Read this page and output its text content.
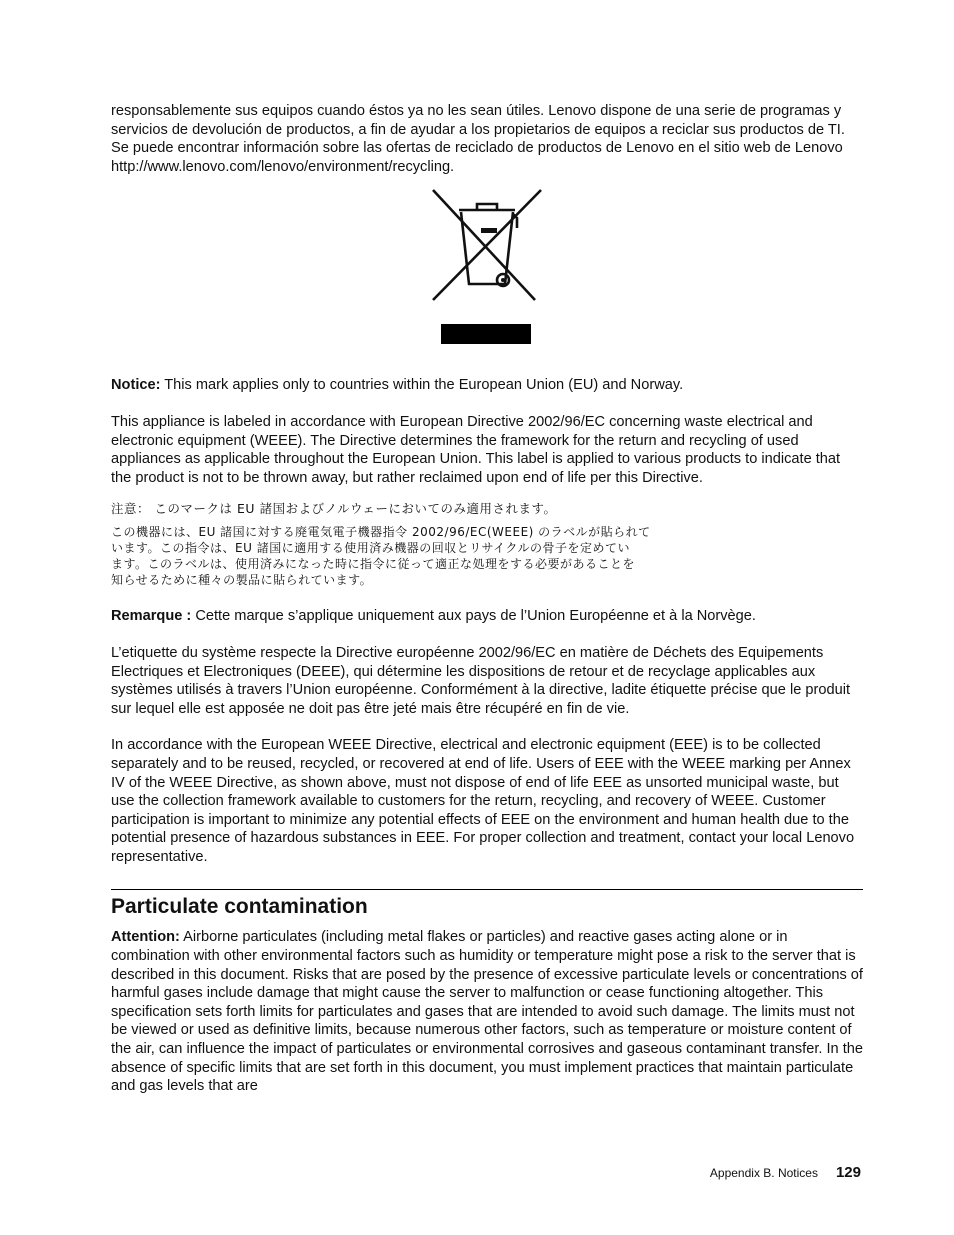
responsablemente sus equipos cuando éstos ya no les sean útiles. Lenovo dispone de una serie de programas y servicios de devolución de productos, a fin de ayudar a los propietarios de equipos a reciclar sus productos de TI. Se puede encontrar información sobre las ofertas de reciclado de productos de Lenovo en el sitio web de Lenovo
http://www.lenovo.com/lenovo/environment/recycling.

Notice: This mark applies only to countries within the European Union (EU) and Norway.

This appliance is labeled in accordance with European Directive 2002/96/EC concerning waste electrical and electronic equipment (WEEE). The Directive determines the framework for the return and recycling of used appliances as applicable throughout the European Union. This label is applied to various products to indicate that the product is not to be thrown away, but rather reclaimed upon end of life per this Directive.

注意： このマークは EU 諸国およびノルウェーにおいてのみ適用されます。

この機器には、EU 諸国に対する廃電気電子機器指令 2002/96/EC(WEEE) のラベルが貼られて
います。この指令は、EU 諸国に適用する使用済み機器の回収とリサイクルの骨子を定めてい
ます。このラベルは、使用済みになった時に指令に従って適正な処理をする必要があることを
知らせるために種々の製品に貼られています。

Remarque : Cette marque s’applique uniquement aux pays de l’Union Européenne et à la Norvège.

L’etiquette du système respecte la Directive européenne 2002/96/EC en matière de Déchets des Equipements Electriques et Electroniques (DEEE), qui détermine les dispositions de retour et de recyclage applicables aux systèmes utilisés à travers l’Union européenne. Conformément à la directive, ladite étiquette précise que le produit sur lequel elle est apposée ne doit pas être jeté mais être récupéré en fin de vie.

In accordance with the European WEEE Directive, electrical and electronic equipment (EEE) is to be collected separately and to be reused, recycled, or recovered at end of life. Users of EEE with the WEEE marking per Annex IV of the WEEE Directive, as shown above, must not dispose of end of life EEE as unsorted municipal waste, but use the collection framework available to customers for the return, recycling, and recovery of WEEE. Customer participation is important to minimize any potential effects of EEE on the environment and human health due to the potential presence of hazardous substances in EEE. For proper collection and treatment, contact your local Lenovo representative.

Particulate contamination

Attention: Airborne particulates (including metal flakes or particles) and reactive gases acting alone or in combination with other environmental factors such as humidity or temperature might pose a risk to the server that is described in this document. Risks that are posed by the presence of excessive particulate levels or concentrations of harmful gases include damage that might cause the server to malfunction or cease functioning altogether. This specification sets forth limits for particulates and gases that are intended to avoid such damage. The limits must not be viewed or used as definitive limits, because numerous other factors, such as temperature or moisture content of the air, can influence the impact of particulates or environmental corrosives and gaseous contaminant transfer. In the absence of specific limits that are set forth in this document, you must implement practices that maintain particulate and gas levels that are

Appendix B. Notices 129
